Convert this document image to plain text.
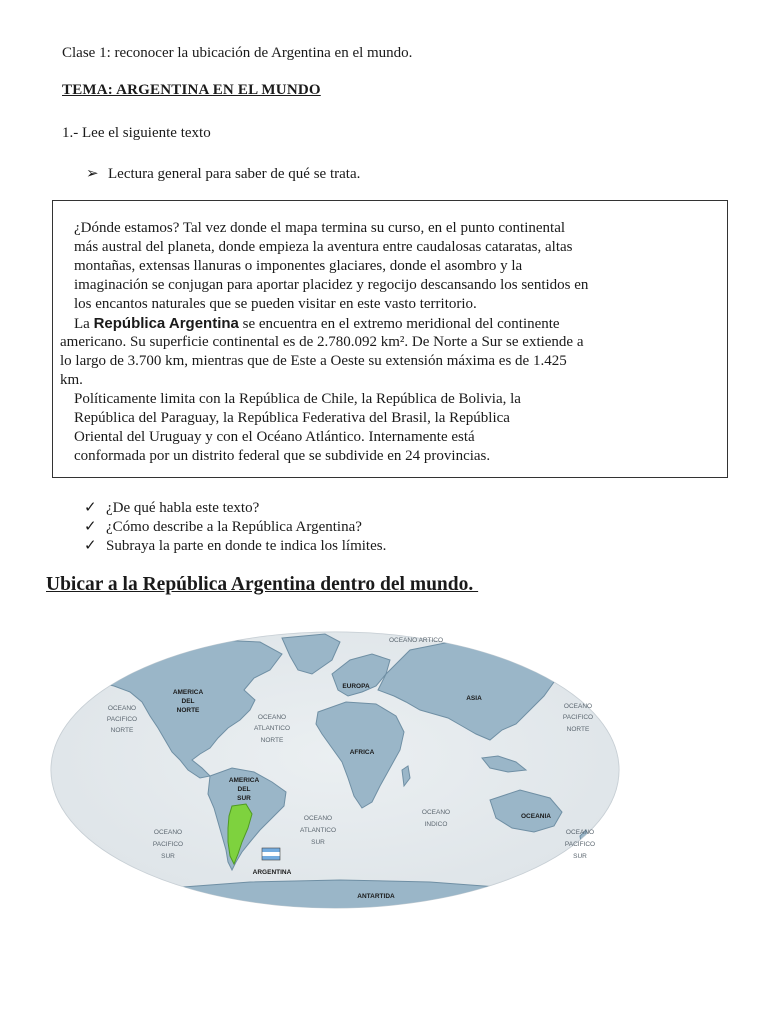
Clase 1: reconocer la ubicación de Argentina en el mundo.
TEMA: ARGENTINA EN EL MUNDO
1.- Lee el siguiente texto
➢ Lectura general para saber de qué se trata.
¿Dónde estamos? Tal vez donde el mapa termina su curso, en el punto continental
más austral del planeta, donde empieza la aventura entre caudalosas cataratas, altas
montañas, extensas llanuras o imponentes glaciares, donde el asombro y la
imaginación se conjugan para aportar placidez y regocijo descansando los sentidos en
los encantos naturales que se pueden visitar en este vasto territorio.
La República Argentina se encuentra en el extremo meridional del continente
americano. Su superficie continental es de 2.780.092 km². De Norte a Sur se extiende a
lo largo de 3.700 km, mientras que de Este a Oeste su extensión máxima es de 1.425
km.
Políticamente limita con la República de Chile, la República de Bolivia, la
República del Paraguay, la República Federativa del Brasil, la República
Oriental del Uruguay y con el Océano Atlántico. Internamente está
conformada por un distrito federal que se subdivide en 24 provincias.
✓ ¿De qué habla este texto?
✓ ¿Cómo describe a la República Argentina?
✓ Subraya la parte en donde te indica los límites.
Ubicar a la República Argentina dentro del mundo.
OCEANO ARTICO
OCEANO
PACIFICO
NORTE
OCEANO
ATLANTICO
NORTE
OCEANO
PACIFICO
NORTE
OCEANO
PACIFICO
SUR
OCEANO
ATLANTICO
SUR
OCEANO
INDICO
OCEANO
PACIFICO
SUR
AMERICA
DEL
NORTE
EUROPA
ASIA
AFRICA
AMERICA
DEL
SUR
OCEANIA
ANTARTIDA
ARGENTINA
